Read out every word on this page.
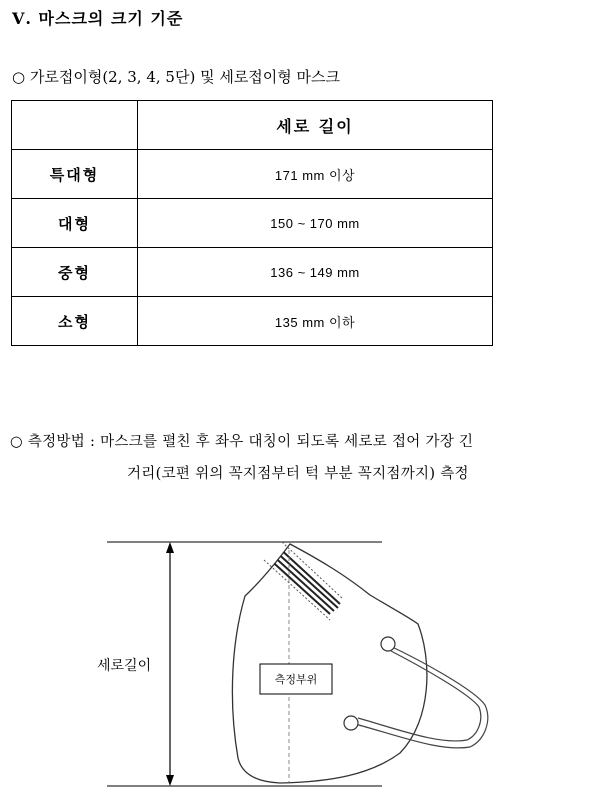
Ⅴ. 마스크의 크기 기준
○ 가로접이형(2, 3, 4, 5단) 및 세로접이형 마스크
	세로 길이
특대형	171 mm 이상
대형	150 ~ 170 mm
중형	136 ~ 149 mm
소형	135 mm 이하
○ 측정방법 : 마스크를 펼친 후 좌우 대칭이 되도록 세로로 접어 가장 긴
거리(코편 위의 꼭지점부터 턱 부분 꼭지점까지) 측정
세로길이
측정부위
